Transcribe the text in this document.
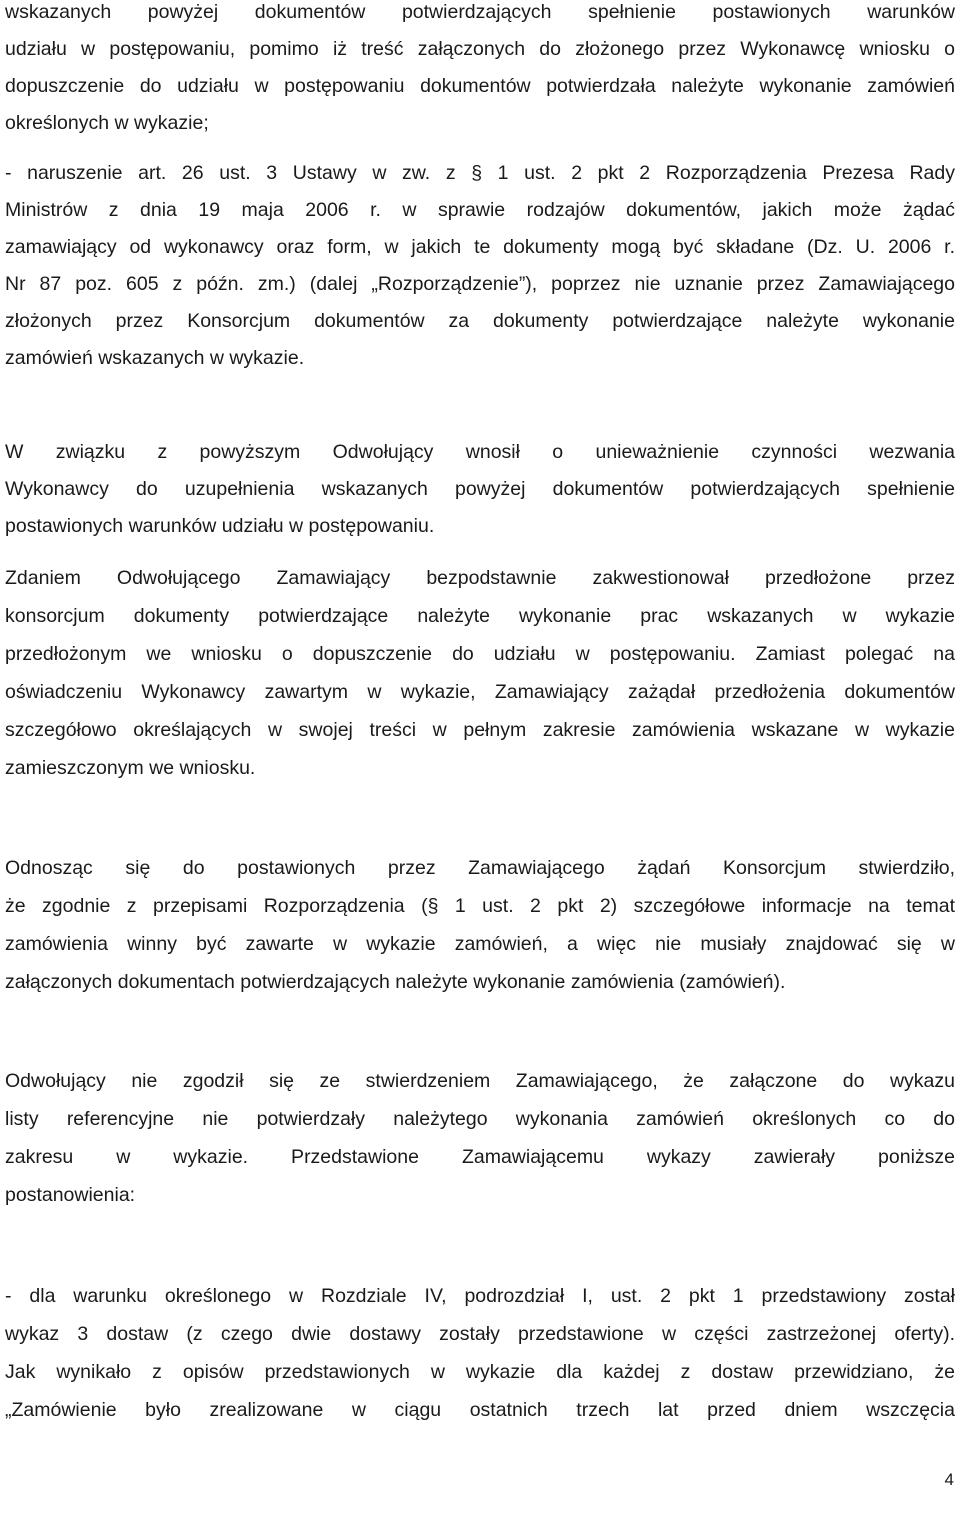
wskazanych powyżej dokumentów potwierdzających spełnienie postawionych warunków
udziału w postępowaniu, pomimo iż treść załączonych do złożonego przez Wykonawcę wniosku o
dopuszczenie do udziału w postępowaniu dokumentów potwierdzała należyte wykonanie zamówień
określonych w wykazie;
- naruszenie art. 26 ust. 3 Ustawy w zw. z § 1 ust. 2 pkt 2 Rozporządzenia Prezesa Rady
Ministrów z dnia 19 maja 2006 r. w sprawie rodzajów dokumentów, jakich może żądać
zamawiający od wykonawcy oraz form, w jakich te dokumenty mogą być składane (Dz. U. 2006 r.
Nr 87 poz. 605 z późn. zm.) (dalej „Rozporządzenie”), poprzez nie uznanie przez Zamawiającego
złożonych przez Konsorcjum dokumentów za dokumenty potwierdzające należyte wykonanie
zamówień wskazanych w wykazie.
W związku z powyższym Odwołujący wnosił o unieważnienie czynności wezwania
Wykonawcy do uzupełnienia wskazanych powyżej dokumentów potwierdzających spełnienie
postawionych warunków udziału w postępowaniu.
Zdaniem Odwołującego Zamawiający bezpodstawnie zakwestionował przedłożone przez
konsorcjum dokumenty potwierdzające należyte wykonanie prac wskazanych w wykazie
przedłożonym we wniosku o dopuszczenie do udziału w postępowaniu. Zamiast polegać na
oświadczeniu Wykonawcy zawartym w wykazie, Zamawiający zażądał przedłożenia dokumentów
szczegółowo określających w swojej treści w pełnym zakresie zamówienia wskazane w wykazie
zamieszczonym we wniosku.
Odnosząc się do postawionych przez Zamawiającego żądań Konsorcjum stwierdziło,
że zgodnie z przepisami Rozporządzenia (§ 1 ust. 2 pkt 2) szczegółowe informacje na temat
zamówienia winny być zawarte w wykazie zamówień, a więc nie musiały znajdować się w
załączonych dokumentach potwierdzających należyte wykonanie zamówienia (zamówień).
Odwołujący nie zgodził się ze stwierdzeniem Zamawiającego, że załączone do wykazu
listy referencyjne nie potwierdzały należytego wykonania zamówień określonych co do
zakresu w wykazie. Przedstawione Zamawiającemu wykazy zawierały poniższe
postanowienia:
- dla warunku określonego w Rozdziale IV, podrozdział I, ust. 2 pkt 1 przedstawiony został
wykaz 3 dostaw (z czego dwie dostawy zostały przedstawione w części zastrzeżonej oferty).
Jak wynikało z opisów przedstawionych w wykazie dla każdej z dostaw przewidziano, że
„Zamówienie było zrealizowane w ciągu ostatnich trzech lat przed dniem wszczęcia
4
